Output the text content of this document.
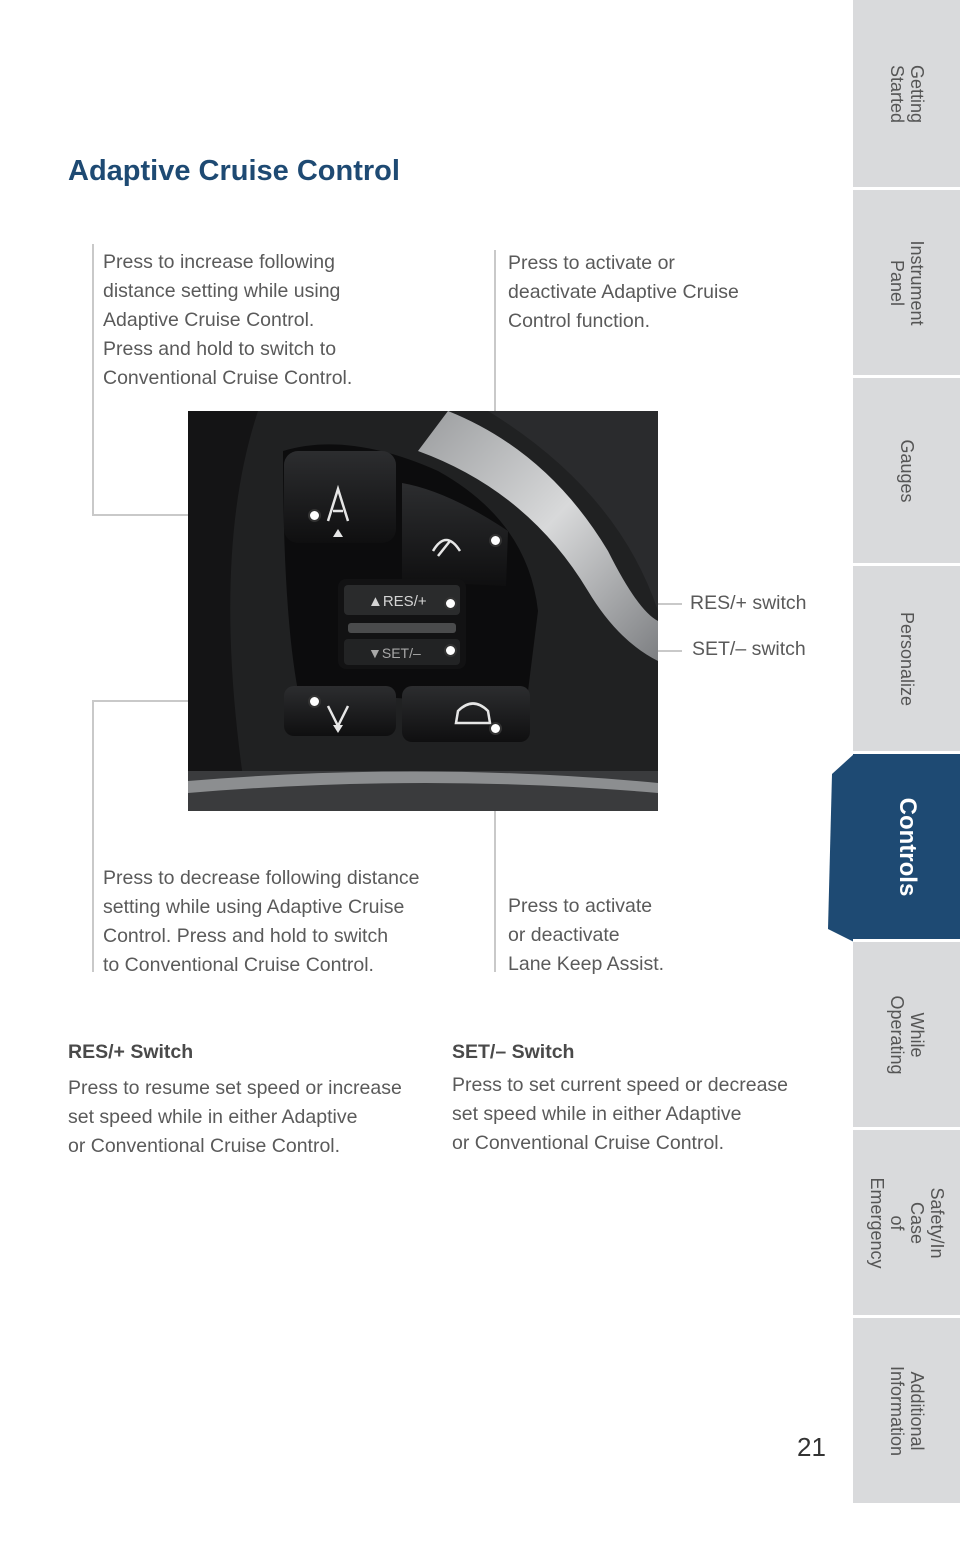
Adaptive Cruise Control
Press to increase following
distance setting while using
Adaptive Cruise Control.
Press and hold to switch to
Conventional Cruise Control.
Press to activate or
deactivate Adaptive Cruise
Control function.
Press to decrease following distance
setting while using Adaptive Cruise
Control. Press and hold to switch
to Conventional Cruise Control.
Press to activate
or deactivate
Lane Keep Assist.
▲RES/+
▼SET/–
RES/+ switch
SET/– switch
RES/+ Switch
Press to resume set speed or increase
set speed while in either Adaptive
or Conventional Cruise Control.
SET/– Switch
Press to set current speed or decrease
set speed while in either Adaptive
or Conventional Cruise Control.
21
Getting
Started
Instrument
Panel
Gauges
Personalize
Controls
While
Operating
Safety/In Case
of Emergency
Additional
Information
